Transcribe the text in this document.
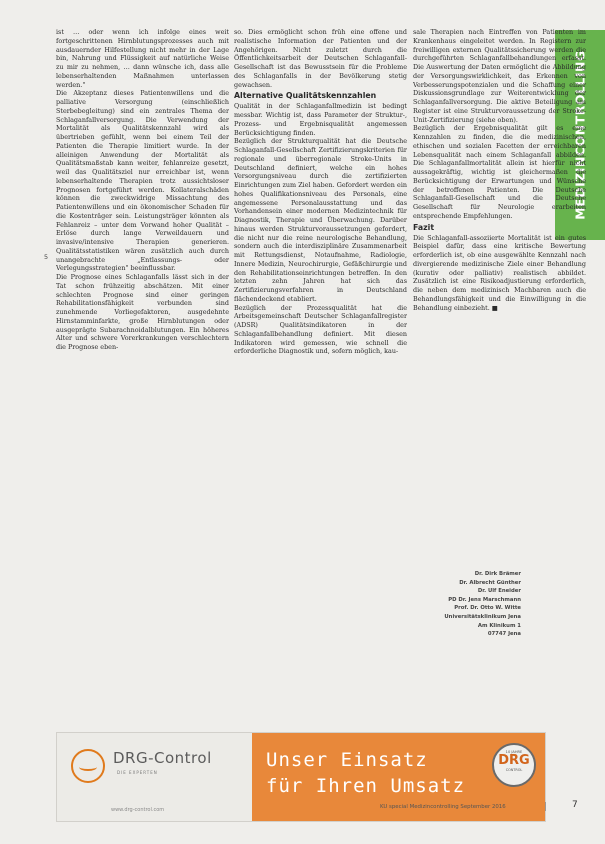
MEDIZINCONTROLLING
5

ist … oder wenn ich infolge eines weit fortgeschrittenen Hirnblutungsprozesses auch mit ausdauernder Hilfestellung nicht mehr in der Lage bin, Nahrung und Flüssigkeit auf natürliche Weise zu mir zu nehmen, … dann wünsche ich, dass alle lebenserhaltenden Maßnahmen unterlassen werden."

Die Akzeptanz dieses Patientenwillens und die palliative Versorgung (einschließlich Sterbebegleitung) sind ein zentrales Thema der Schlaganfallversorgung. Die Verwendung der Mortalität als Qualitätskennzahl wird als übertrieben gefühlt, wenn bei einem Teil der Patienten die Therapie limitiert wurde. In der alleinigen Anwendung der Mortalität als Qualitätsmaßstab kann weiter, fehlanreize gesetzt, weil das Qualitätsziel nur erreichbar ist, wenn lebenserhaltende Therapien trotz aussichtsloser Prognosen fortgeführt werden. Kollateralschäden können die zweckwidrige Missachtung des Patientenwillens und ein ökonomischer Schaden für die Kostenträger sein. Leistungsträger könnten als Fehlanreiz – unter dem Vorwand hoher Qualität – Erlöse durch lange Verweildauern und invasive/intensive Therapien generieren. Qualitätsstatistiken wären zusätzlich auch durch unangebrachte „Entlassungs- oder Verlegungsstrategien" beeinflussbar.

Die Prognose eines Schlaganfalls lässt sich in der Tat schon frühzeitig abschätzen. Mit einer schlechten Prognose sind einer geringen Rehabilitationsfähigkeit verbunden sind zunehmende Vorliegefaktoren, ausgedehnte Hirnstamminfarkte, große Hirnblutungen oder ausgeprägte Subarachnoidalblutungen. Ein höheres Alter und schwere Vorerkrankungen verschlechtern die Prognose eben-

so. Dies ermöglicht schon früh eine offene und realistische Information der Patienten und der Angehörigen. Nicht zuletzt durch die Öffentlichkeitsarbeit der Deutschen Schlaganfall-Gesellschaft ist das Bewusstsein für die Probleme des Schlaganfalls in der Bevölkerung stetig gewachsen.

Alternative Qualitätskennzahlen

Qualität in der Schlaganfallmedizin ist bedingt messbar. Wichtig ist, dass Parameter der Struktur-, Prozess- und Ergebnisqualität angemessen Berücksichtigung finden.

Bezüglich der Strukturqualität hat die Deutsche Schlaganfall-Gesellschaft Zertifizierungskriterien für regionale und überregionale Stroke-Units in Deutschland definiert, welche ein hohes Versorgungsniveau durch die zertifizierten Einrichtungen zum Ziel haben. Gefordert werden ein hohes Qualifikationsniveau des Personals, eine angemessene Personalausstattung und das Vorhandensein einer modernen Medizintechnik für Diagnostik, Therapie und Überwachung. Darüber hinaus werden Strukturvoraussetzungen gefordert, die nicht nur die reine neurologische Behandlung, sondern auch die interdisziplinäre Zusammenarbeit mit Rettungsdienst, Notaufnahme, Radiologie, Innere Medizin, Neurochirurgie, Gefäßchirurgie und den Rehabilitationseinrichtungen betreffen. In den letzten zehn Jahren hat sich das Zertifizierungsverfahren in Deutschland flächendeckend etabliert.

Bezüglich der Prozessqualität hat die Arbeitsgemeinschaft Deutscher Schlaganfallregister (ADSR) Qualitätsindikatoren in der Schlaganfallbehandlung definiert. Mit diesen Indikatoren wird gemessen, wie schnell die erforderliche Diagnostik und, sofern möglich, kau-

sale Therapien nach Eintreffen von Patienten im Krankenhaus eingeleitet werden. In Registern zur freiwilligen externen Qualitätssicherung werden die durchgeführten Schlaganfallbehandlungen erfasst. Die Auswertung der Daten ermöglicht die Abbildung der Versorgungswirklichkeit, das Erkennen von Verbesserungspotenzialen und die Schaffung einer Diskussionsgrundlage zur Weiterentwicklung der Schlaganfallversorgung. Die aktive Beteiligung am Register ist eine Strukturvoraussetzung der Stroke-Unit-Zertifizierung (siehe oben).

Bezüglich der Ergebnisqualität gilt es eine Kennzahlen zu finden, die die medizinischen, ethischen und sozialen Facetten der erreichbaren Lebensqualität nach einem Schlaganfall abbilden. Die Schlaganfallmortalität allein ist hierfür nicht aussagekräftig, wichtig ist gleichermaßen die Berücksichtigung der Erwartungen und Wünsche der betroffenen Patienten. Die Deutsche Schlaganfall-Gesellschaft und die Deutsche Gesellschaft für Neurologie erarbeiten entsprechende Empfehlungen.

Fazit

Die Schlaganfall-assoziierte Mortalität ist ein gutes Beispiel dafür, dass eine kritische Bewertung erforderlich ist, ob eine ausgewählte Kennzahl nach divergierende medizinische Ziele einer Behandlung (kurativ oder palliativ) realistisch abbildet. Zusätzlich ist eine Risikoadjustierung erforderlich, die neben dem medizinisch Machbaren auch die Behandlungsfähigkeit und die Einwilligung in die Behandlung einbezieht. ■

Dr. Dirk Brämer
Dr. Albrecht Günther
Dr. Ulf Eneider
PD Dr. Jens Marschmann
Prof. Dr. Otto W. Witte
Universitätsklinikum Jena
Am Klinikum 1
07747 Jena
DRG-Control
DIE EXPERTEN
www.drg-control.com
Unser Einsatz
für Ihren Umsatz
10 JAHRE
DRG
CONTROL
KU special Medizincontrolling September 2016	7
